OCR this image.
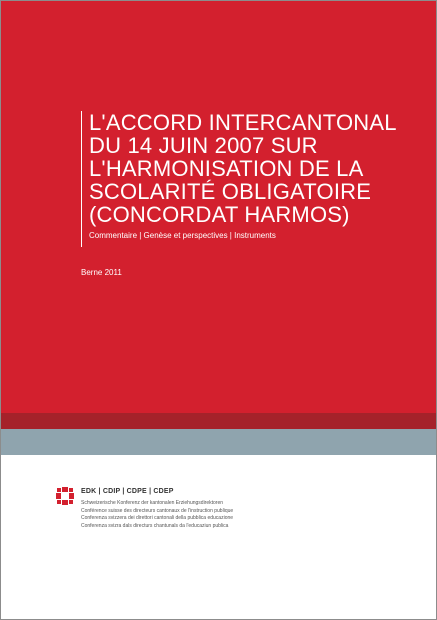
L'ACCORD INTERCANTONAL
DU 14 JUIN 2007 SUR
L'HARMONISATION DE LA
SCOLARITÉ OBLIGATOIRE
(CONCORDAT HARMOS)
Commentaire | Genèse et perspectives | Instruments
Berne 2011
EDK | CDIP | CDPE | CDEP
Schweizerische Konferenz der kantonalen Erziehungsdirektoren
Conférence suisse des directeurs cantonaux de l'instruction publique
Conferenza svizzera dei direttori cantonali della pubblica educazione
Conferenza svizra dals directurs chantunals da l'educaziun publica
